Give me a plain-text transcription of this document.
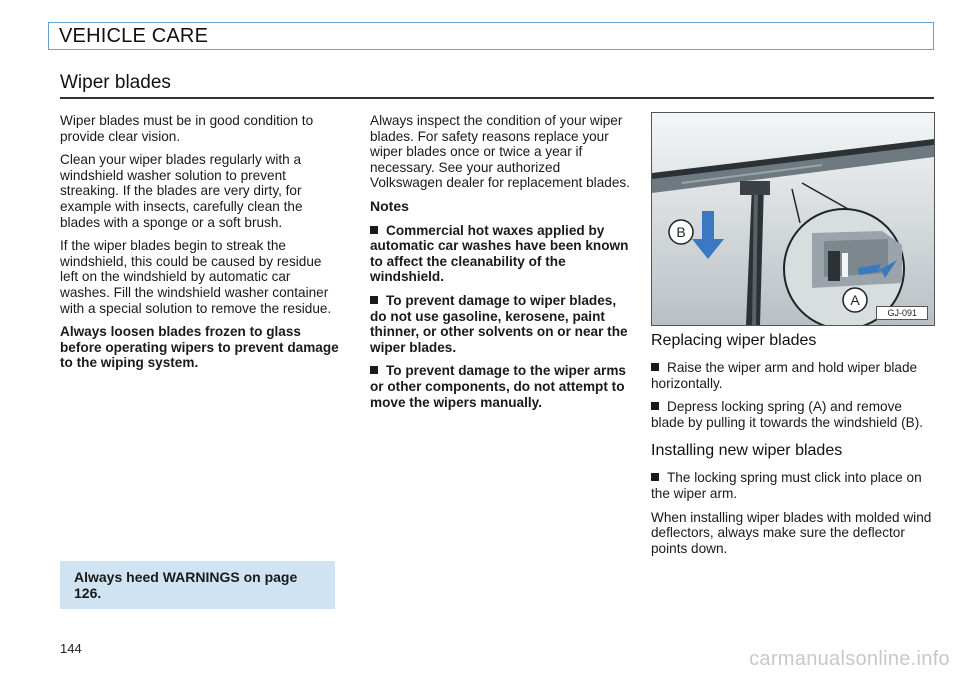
VEHICLE CARE
Wiper blades

Wiper blades must be in good condition to provide clear vision.

Clean your wiper blades regularly with a windshield washer solution to prevent streaking. If the blades are very dirty, for example with insects, carefully clean the blades with a sponge or a soft brush.

If the wiper blades begin to streak the windshield, this could be caused by residue left on the windshield by automatic car washes. Fill the windshield washer container with a special solution to remove the residue.

Always loosen blades frozen to glass before operating wipers to prevent damage to the wiping system.

Always heed WARNINGS on page 126.
144

Always inspect the condition of your wiper blades. For safety reasons replace your wiper blades once or twice a year if necessary. See your authorized Volkswagen dealer for replacement blades.

Notes
Commercial hot waxes applied by automatic car washes have been known to affect the cleanability of the windshield.
To prevent damage to wiper blades, do not use gasoline, kerosene, paint thinner, or other solvents on or near the wiper blades.
To prevent damage to the wiper arms or other components, do not attempt to move the wipers manually.
B
A
GJ-091
Replacing wiper blades
Raise the wiper arm and hold wiper blade horizontally.
Depress locking spring (A) and remove blade by pulling it towards the windshield (B).
Installing new wiper blades
The locking spring must click into place on the wiper arm.

When installing wiper blades with molded wind deflectors, always make sure the deflector points down.

carmanualsonline.info
